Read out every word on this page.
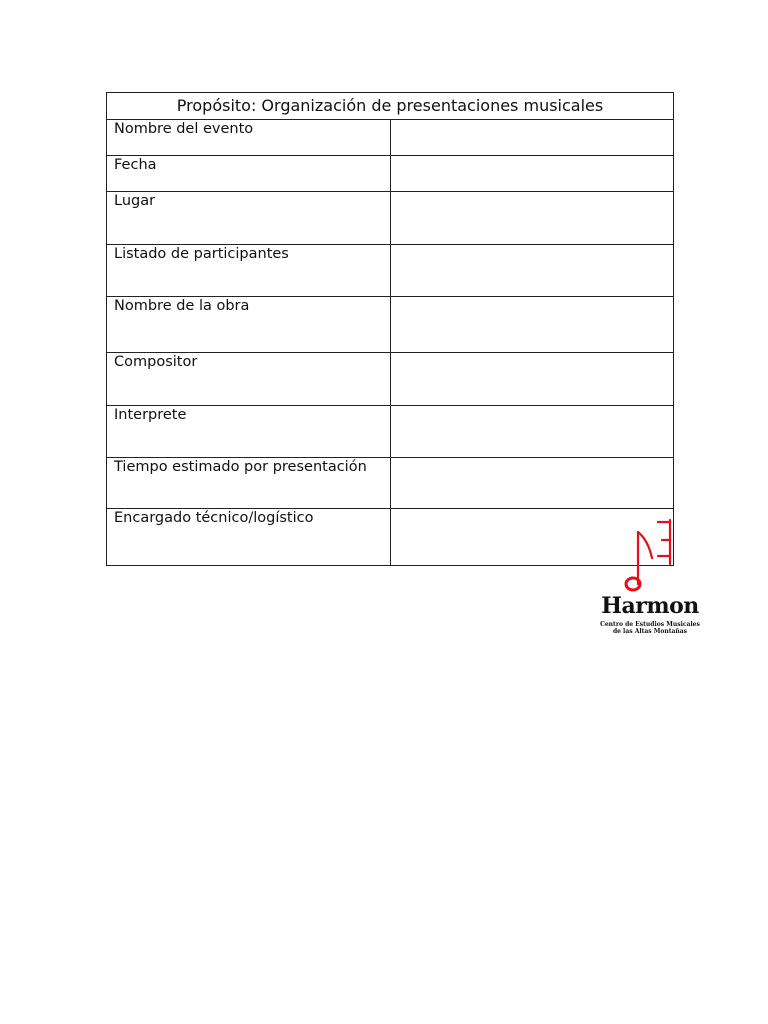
Propósito: Organización de presentaciones musicales	

Nombre del evento	

Fecha	

Lugar	

Listado de participantes	

Nombre de la obra	

Compositor	

Interprete	

Tiempo estimado por presentación	

Encargado técnico/logístico	

Harmon
Centro de Estudios Musicales
de las Altas Montañas
